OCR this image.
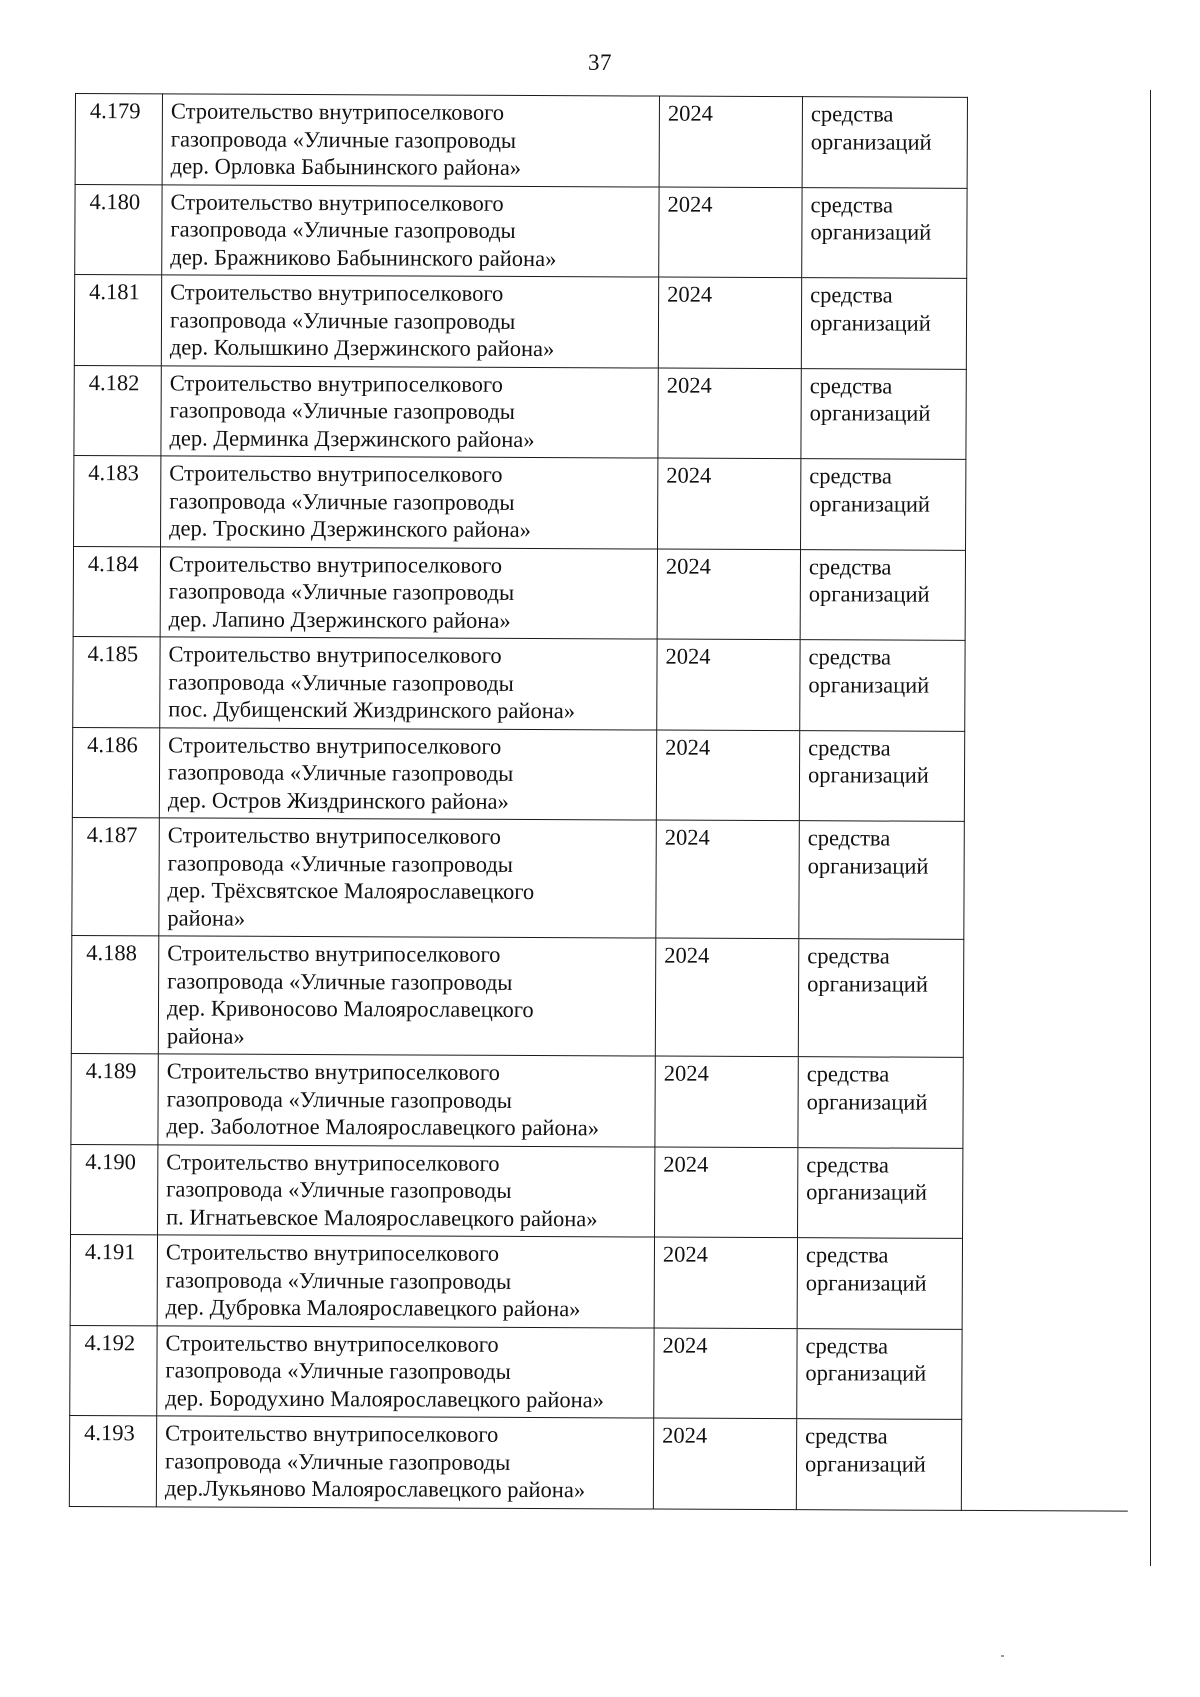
37
4.179	Строительство внутрипоселкового
газопровода «Уличные газопроводы
дер. Орловка Бабынинского района»	2024	средства
организаций	

4.180	Строительство внутрипоселкового
газопровода «Уличные газопроводы
дер. Бражниково Бабынинского района»	2024	средства
организаций	

4.181	Строительство внутрипоселкового
газопровода «Уличные газопроводы
дер. Колышкино Дзержинского района»	2024	средства
организаций	

4.182	Строительство внутрипоселкового
газопровода «Уличные газопроводы
дер. Дерминка Дзержинского района»	2024	средства
организаций	

4.183	Строительство внутрипоселкового
газопровода «Уличные газопроводы
дер. Троскино Дзержинского района»	2024	средства
организаций	

4.184	Строительство внутрипоселкового
газопровода «Уличные газопроводы
дер. Лапино Дзержинского района»	2024	средства
организаций	

4.185	Строительство внутрипоселкового
газопровода «Уличные газопроводы
пос. Дубищенский Жиздринского района»	2024	средства
организаций	

4.186	Строительство внутрипоселкового
газопровода «Уличные газопроводы
дер. Остров Жиздринского района»	2024	средства
организаций	

4.187	Строительство внутрипоселкового
газопровода «Уличные газопроводы
дер. Трёхсвятское Малоярославецкого
района»	2024	средства
организаций	

4.188	Строительство внутрипоселкового
газопровода «Уличные газопроводы
дер. Кривоносово Малоярославецкого
района»	2024	средства
организаций	

4.189	Строительство внутрипоселкового
газопровода «Уличные газопроводы
дер. Заболотное Малоярославецкого района»	2024	средства
организаций	

4.190	Строительство внутрипоселкового
газопровода «Уличные газопроводы
п. Игнатьевское Малоярославецкого района»	2024	средства
организаций	

4.191	Строительство внутрипоселкового
газопровода «Уличные газопроводы
дер. Дубровка Малоярославецкого района»	2024	средства
организаций	

4.192	Строительство внутрипоселкового
газопровода «Уличные газопроводы
дер. Бородухино Малоярославецкого района»	2024	средства
организаций	

4.193	Строительство внутрипоселкового
газопровода «Уличные газопроводы
дер.Лукьяново Малоярославецкого района»	2024	средства
организаций	
